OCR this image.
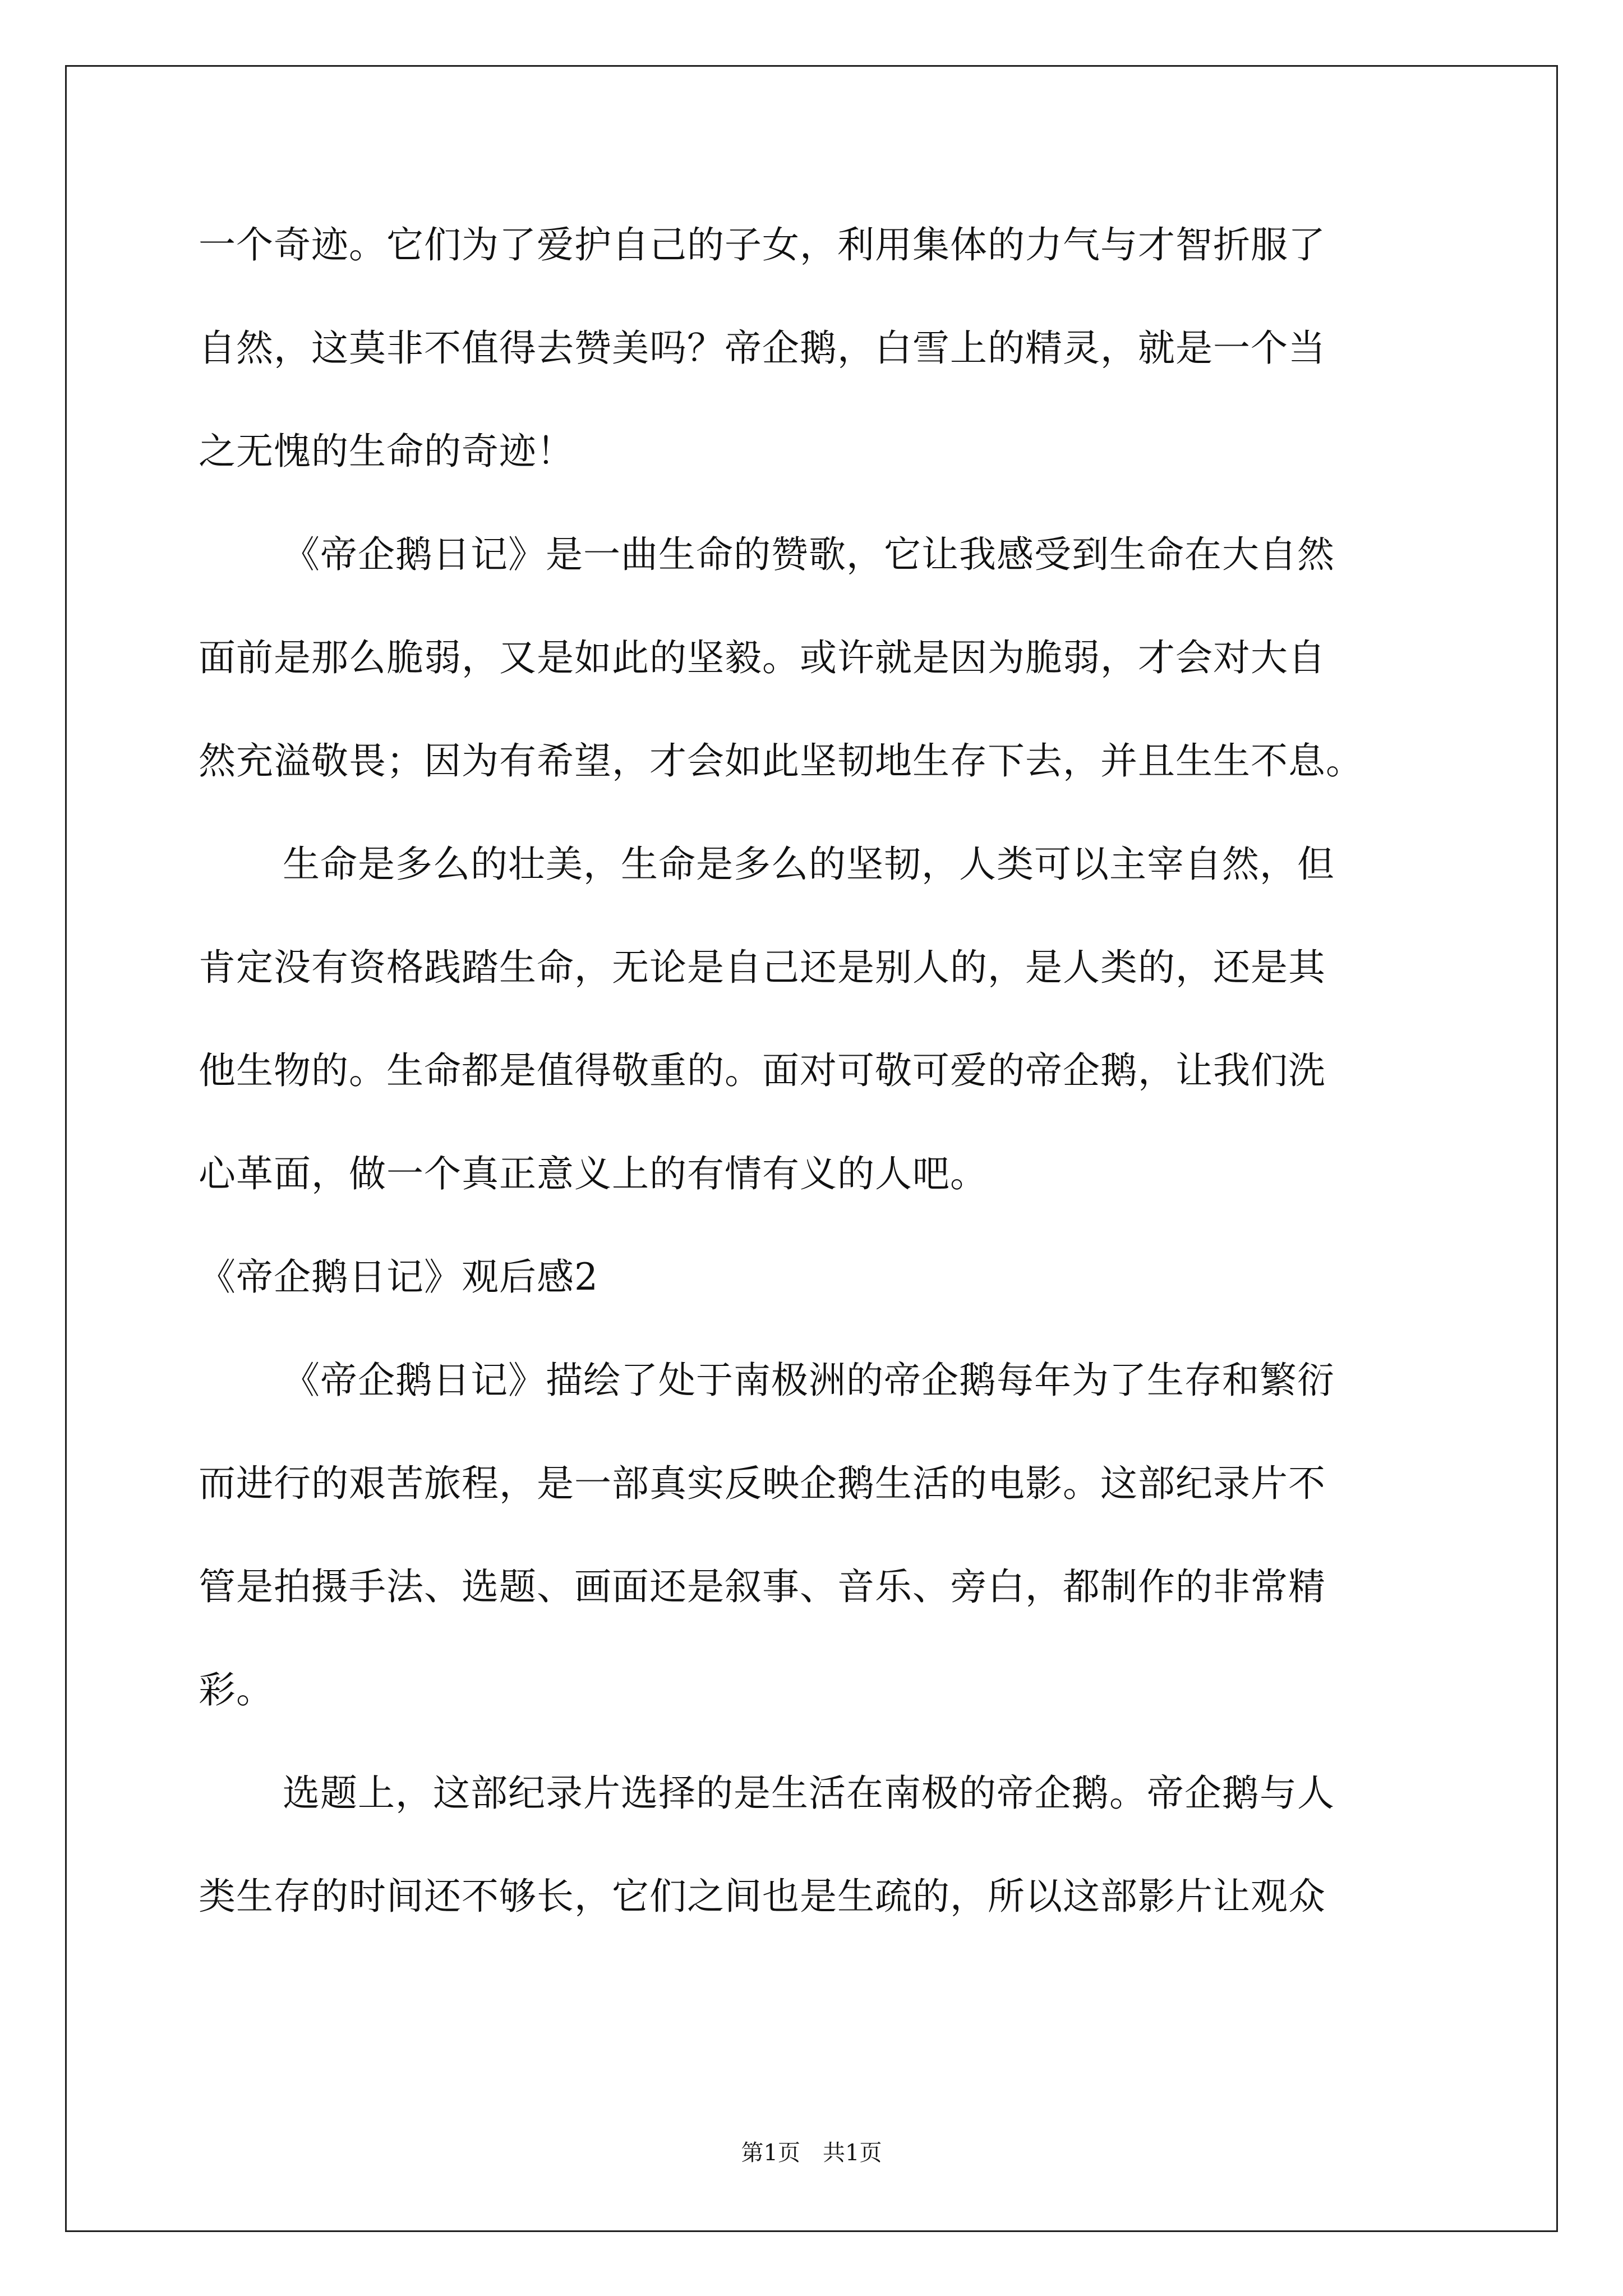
一个奇迹。它们为了爱护自己的子女，利用集体的力气与才智折服了
自然，这莫非不值得去赞美吗？帝企鹅，白雪上的精灵，就是一个当
之无愧的生命的奇迹！
《帝企鹅日记》是一曲生命的赞歌，它让我感受到生命在大自然
面前是那么脆弱，又是如此的坚毅。或许就是因为脆弱，才会对大自
然充溢敬畏；因为有希望，才会如此坚韧地生存下去，并且生生不息。
生命是多么的壮美，生命是多么的坚韧，人类可以主宰自然，但
肯定没有资格践踏生命，无论是自己还是别人的，是人类的，还是其
他生物的。生命都是值得敬重的。面对可敬可爱的帝企鹅，让我们洗
心革面，做一个真正意义上的有情有义的人吧。
《帝企鹅日记》观后感2
《帝企鹅日记》描绘了处于南极洲的帝企鹅每年为了生存和繁衍
而进行的艰苦旅程，是一部真实反映企鹅生活的电影。这部纪录片不
管是拍摄手法、选题、画面还是叙事、音乐、旁白，都制作的非常精
彩。
选题上，这部纪录片选择的是生活在南极的帝企鹅。帝企鹅与人
类生存的时间还不够长，它们之间也是生疏的，所以这部影片让观众
第1页　共1页
